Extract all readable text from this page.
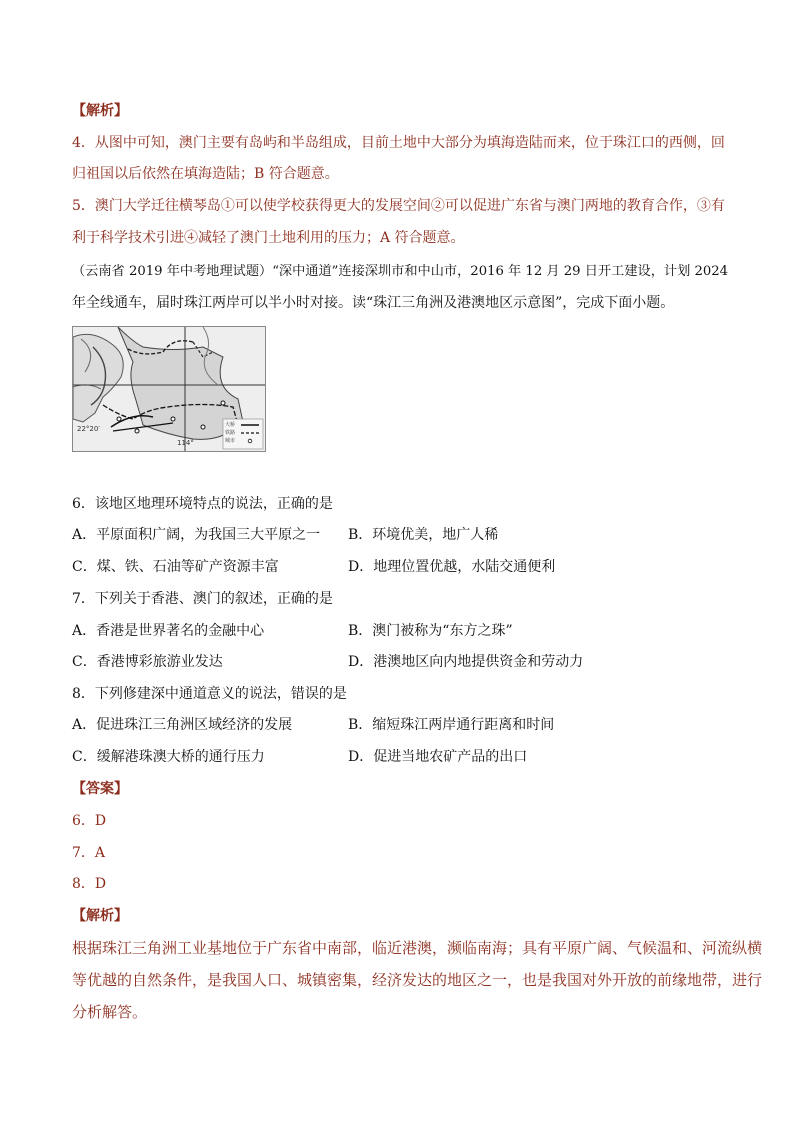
【解析】
4．从图中可知，澳门主要有岛屿和半岛组成，目前土地中大部分为填海造陆而来，位于珠江口的西侧，回
归祖国以后依然在填海造陆；B 符合题意。
5．澳门大学迁往横琴岛①可以使学校获得更大的发展空间②可以促进广东省与澳门两地的教育合作，③有
利于科学技术引进④减轻了澳门土地利用的压力；A 符合题意。
（云南省 2019 年中考地理试题）“深中通道”连接深圳市和中山市，2016 年 12 月 29 日开工建设，计划 2024
年全线通车，届时珠江两岸可以半小时对接。读“珠江三角洲及港澳地区示意图”，完成下面小题。
22°20′
114°
大桥
铁路
城市
6．该地区地理环境特点的说法，正确的是
A．平原面积广阔，为我国三大平原之一 B．环境优美，地广人稀
C．煤、铁、石油等矿产资源丰富	D．地理位置优越，水陆交通便利
7．下列关于香港、澳门的叙述，正确的是
A．香港是世界著名的金融中心	B．澳门被称为“东方之珠”
C．香港博彩旅游业发达	D．港澳地区向内地提供资金和劳动力
8．下列修建深中通道意义的说法，错误的是
A．促进珠江三角洲区域经济的发展	B．缩短珠江两岸通行距离和时间
C．缓解港珠澳大桥的通行压力	D．促进当地农矿产品的出口
【答案】
6．D
7．A
8．D
【解析】
根据珠江三角洲工业基地位于广东省中南部，临近港澳，濒临南海；具有平原广阔、气候温和、河流纵横
等优越的自然条件，是我国人口、城镇密集，经济发达的地区之一，也是我国对外开放的前缘地带，进行
分析解答。
